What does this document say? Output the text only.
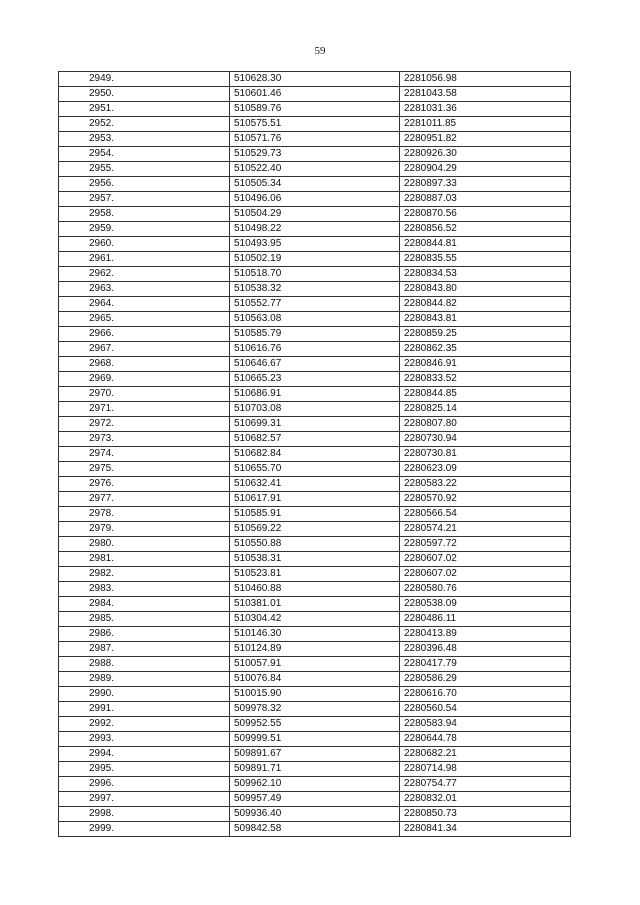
59
2949.	510628.30	2281056.98
2950.	510601.46	2281043.58
2951.	510589.76	2281031.36
2952.	510575.51	2281011.85
2953.	510571.76	2280951.82
2954.	510529.73	2280926.30
2955.	510522.40	2280904.29
2956.	510505.34	2280897.33
2957.	510496.06	2280887.03
2958.	510504.29	2280870.56
2959.	510498.22	2280856.52
2960.	510493.95	2280844.81
2961.	510502.19	2280835.55
2962.	510518.70	2280834.53
2963.	510538.32	2280843.80
2964.	510552.77	2280844.82
2965.	510563.08	2280843.81
2966.	510585.79	2280859.25
2967.	510616.76	2280862.35
2968.	510646.67	2280846.91
2969.	510665.23	2280833.52
2970.	510686.91	2280844.85
2971.	510703.08	2280825.14
2972.	510699.31	2280807.80
2973.	510682.57	2280730.94
2974.	510682.84	2280730.81
2975.	510655.70	2280623.09
2976.	510632.41	2280583.22
2977.	510617.91	2280570.92
2978.	510585.91	2280566.54
2979.	510569.22	2280574.21
2980.	510550.88	2280597.72
2981.	510538.31	2280607.02
2982.	510523.81	2280607.02
2983.	510460.88	2280580.76
2984.	510381.01	2280538.09
2985.	510304.42	2280486.11
2986.	510146.30	2280413.89
2987.	510124.89	2280396.48
2988.	510057.91	2280417.79
2989.	510076.84	2280586.29
2990.	510015.90	2280616.70
2991.	509978.32	2280560.54
2992.	509952.55	2280583.94
2993.	509999.51	2280644.78
2994.	509891.67	2280682.21
2995.	509891.71	2280714.98
2996.	509962.10	2280754.77
2997.	509957.49	2280832.01
2998.	509936.40	2280850.73
2999.	509842.58	2280841.34
